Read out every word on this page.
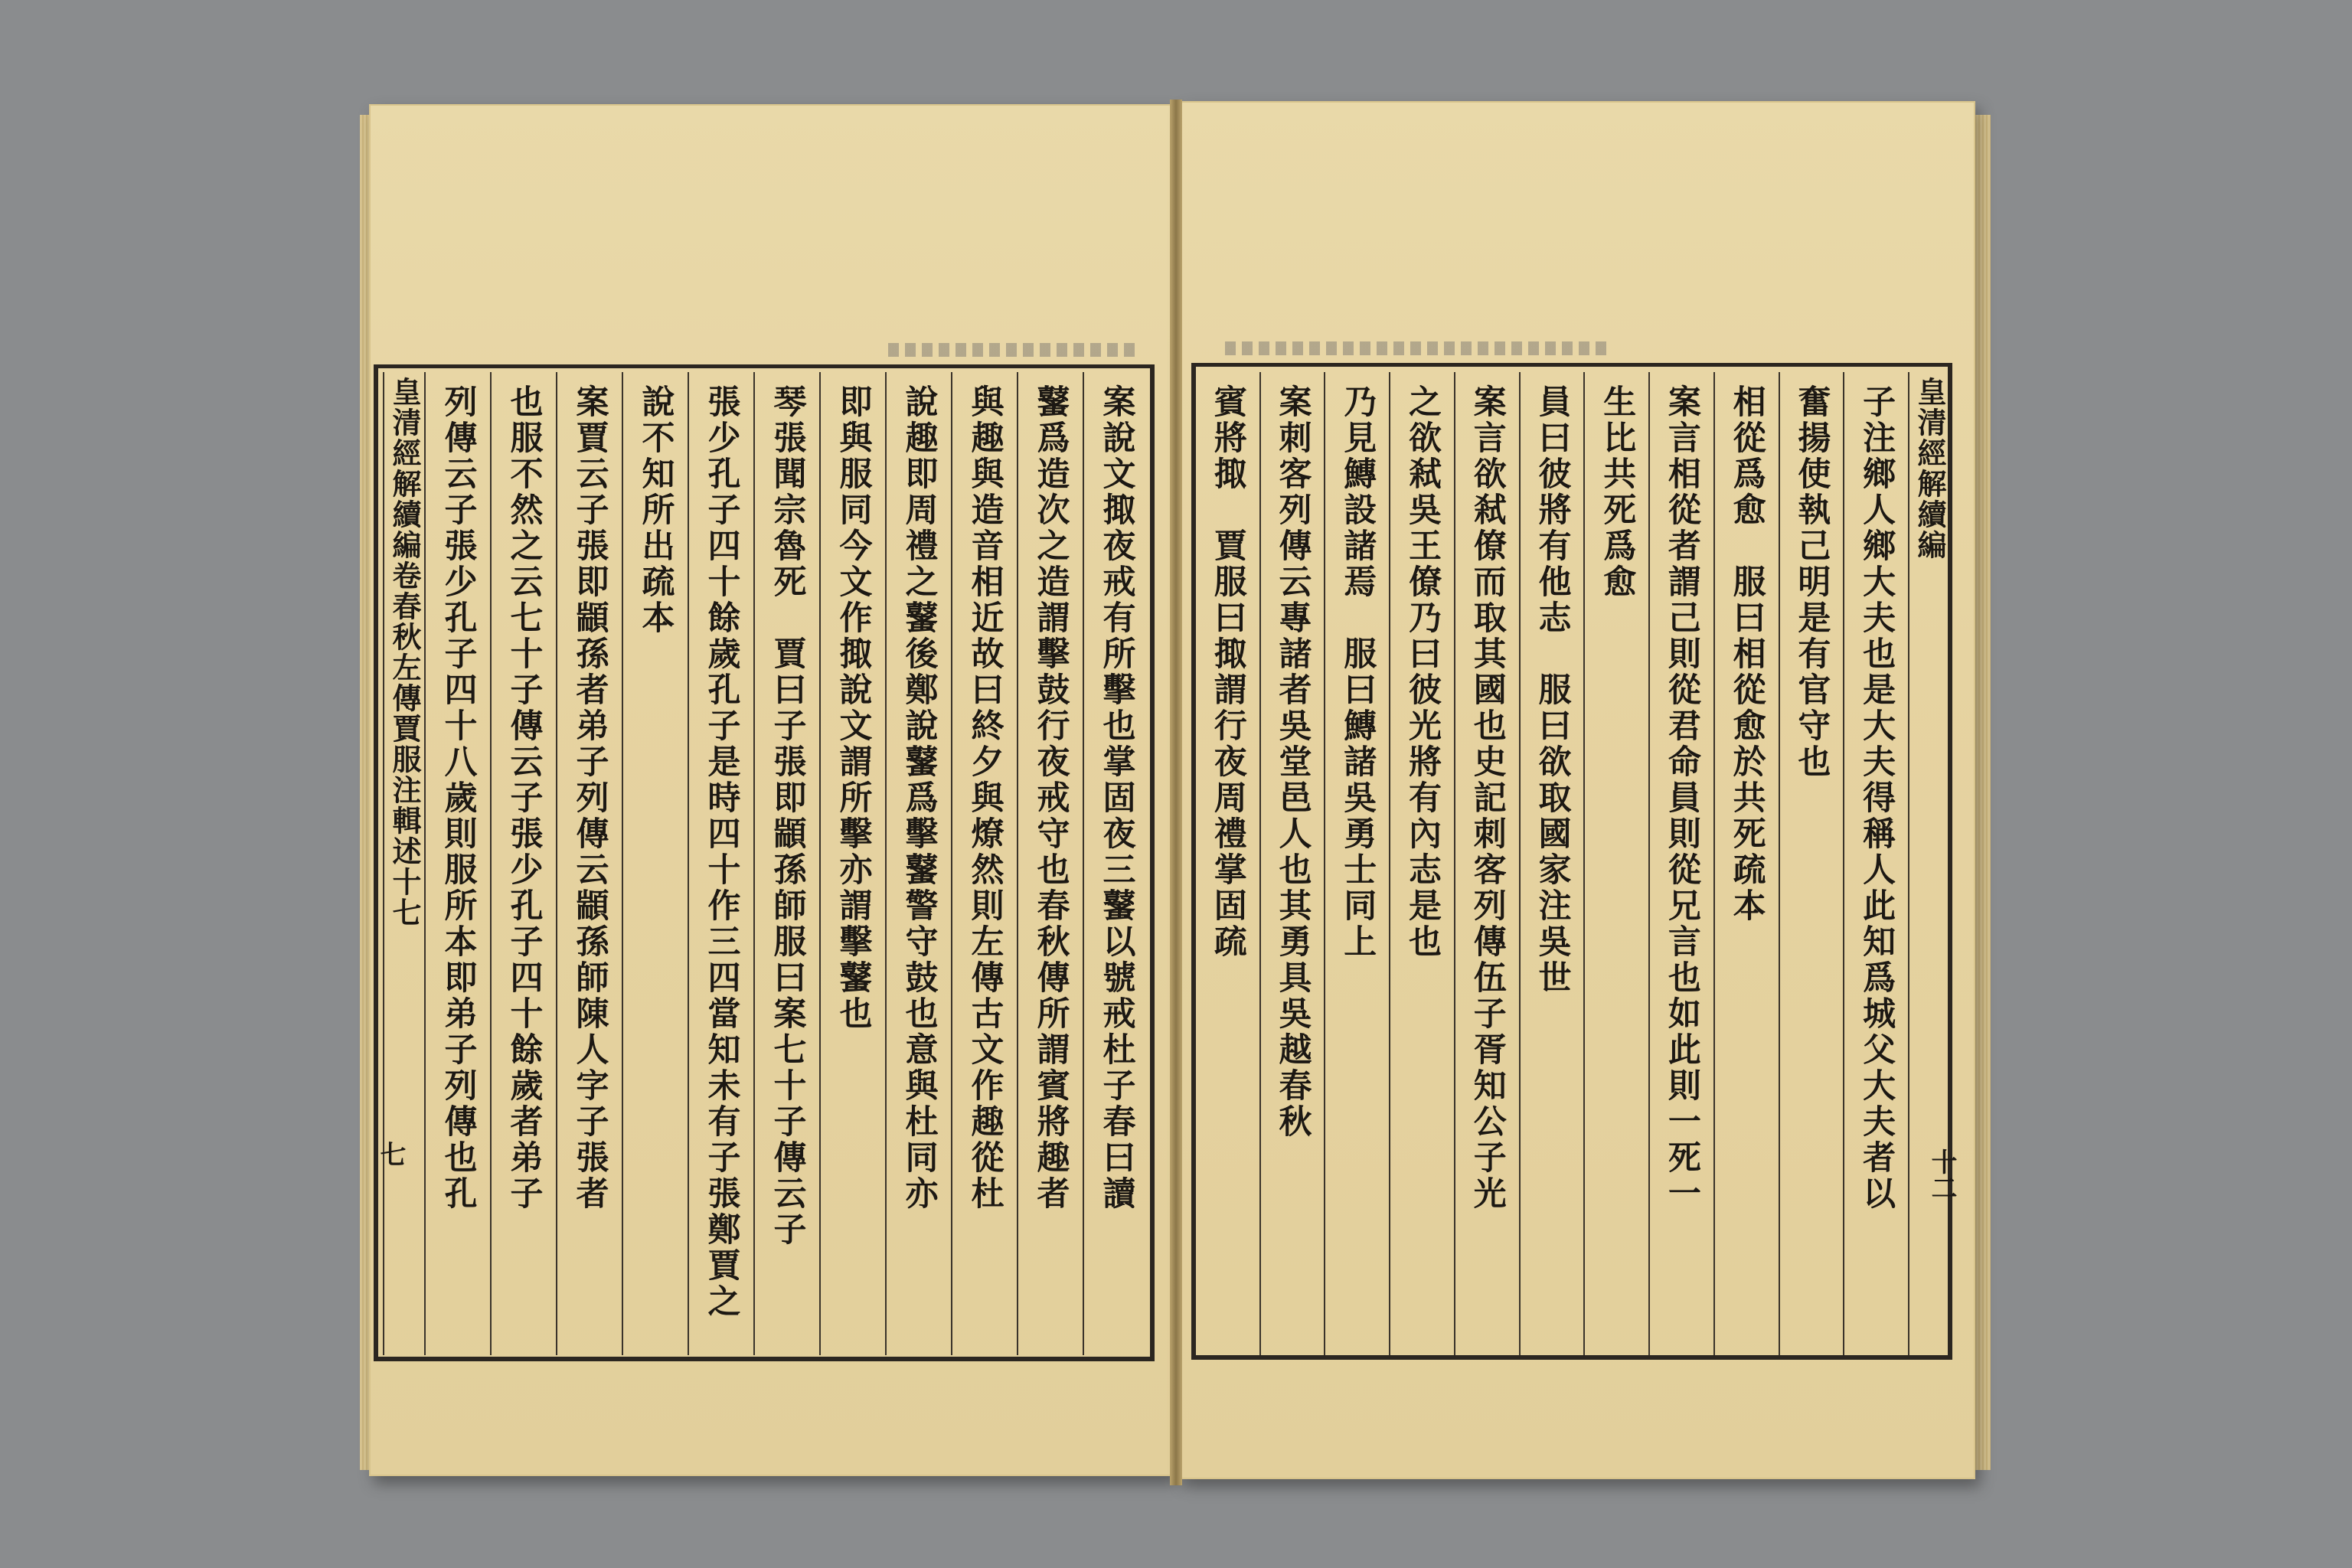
案說文掫夜戒有所擊也掌固夜三鼜以號戒杜子春曰讀
鼜爲造次之造謂擊鼓行夜戒守也春秋傳所謂賓將趣者
與趣與造音相近故曰終夕與燎然則左傳古文作趣從杜
說趣即周禮之鼜後鄭說鼜爲擊鼜警守鼓也意與杜同亦
即與服同今文作掫說文謂所擊亦謂擊鼜也
琴張聞宗魯死　賈曰子張即顓孫師服曰案七十子傳云子
張少孔子四十餘歲孔子是時四十作三四當知未有子張鄭賈之
說不知所出疏本
案賈云子張即顓孫者弟子列傳云顓孫師陳人字子張者
也服不然之云七十子傳云子張少孔子四十餘歲者弟子
列傳云子張少孔子四十八歲則服所本即弟子列傳也孔
皇清經解續編卷春秋左傳賈服注輯述十七
七
皇清經解續編
子注鄉人鄉大夫也是大夫得稱人此知爲城父大夫者以
奮揚使執己明是有官守也
相從爲愈　服曰相從愈於共死疏本
案言相從者謂己則從君命員則從兄言也如此則一死一
生比共死爲愈
員曰彼將有他志　服曰欲取國家注吳世
案言欲弒僚而取其國也史記刺客列傳伍子胥知公子光
之欲弒吳王僚乃曰彼光將有內志是也
乃見鱄設諸焉　服曰鱄諸吳勇士同上
案刺客列傳云專諸者吳堂邑人也其勇具吳越春秋
賓將掫　賈服曰掫謂行夜周禮掌固疏
十二
